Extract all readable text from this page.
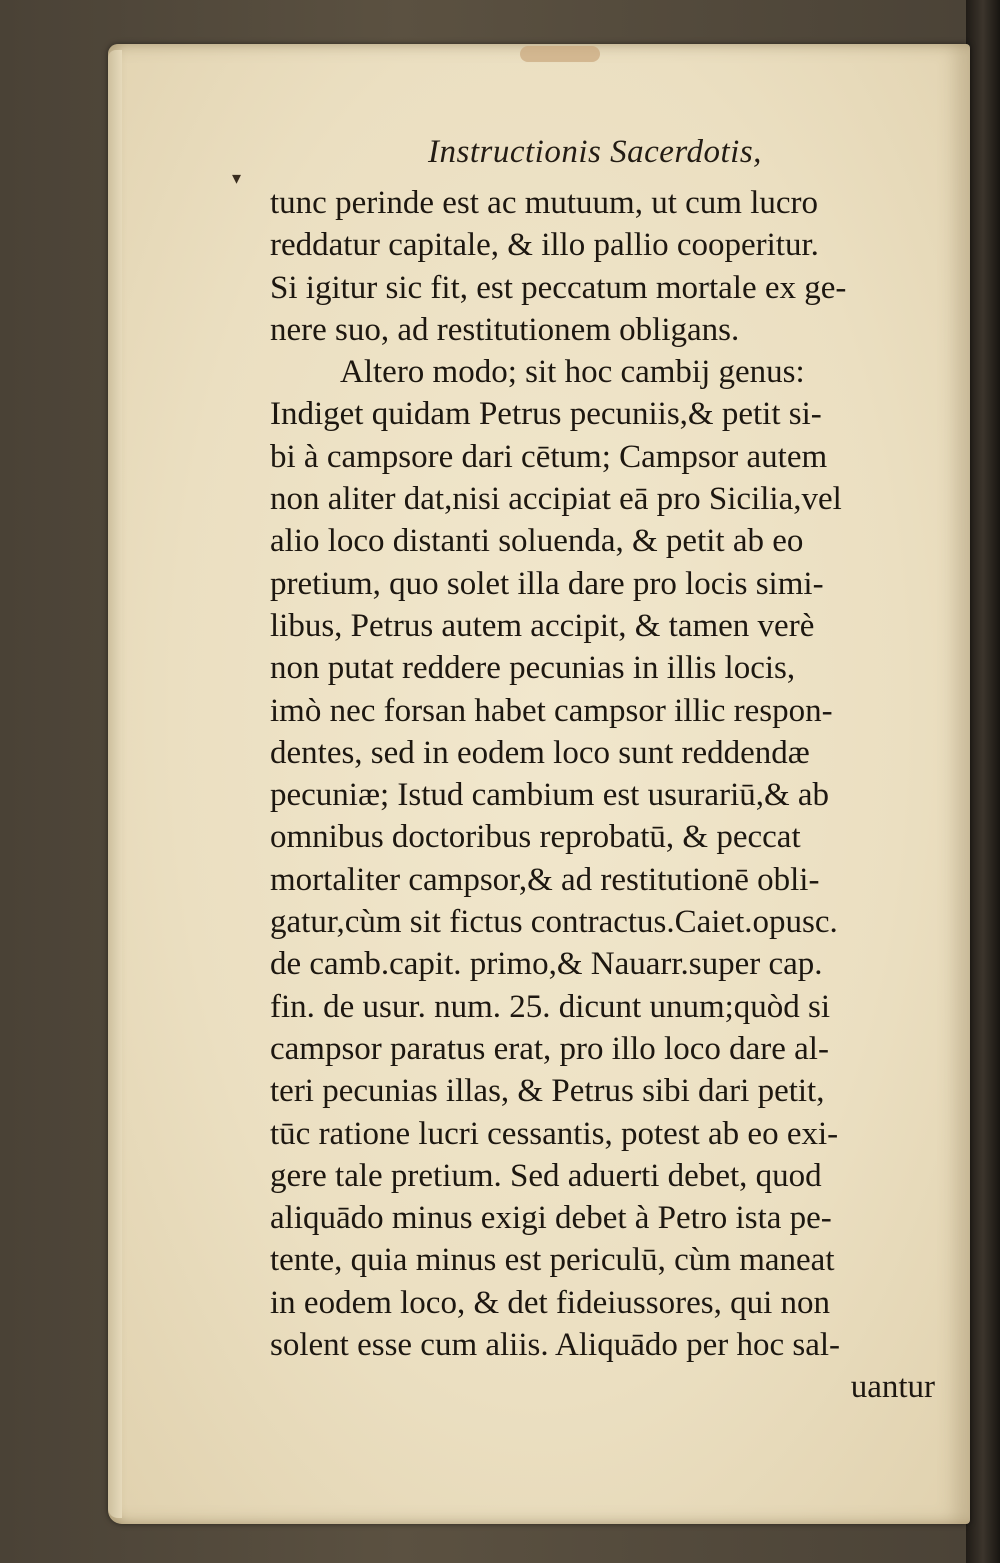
▾
Instructionis Sacerdotis,
tunc perinde est ac mutuum, ut cum lucro
reddatur capitale, & illo pallio cooperitur.
Si igitur sic fit, est peccatum mortale ex ge-
nere suo, ad restitutionem obligans.
Altero modo; sit hoc cambij genus:
Indiget quidam Petrus pecuniis,& petit si-
bi à campsore dari cētum; Campsor autem
non aliter dat,nisi accipiat eā pro Sicilia,vel
alio loco distanti soluenda, & petit ab eo
pretium, quo solet illa dare pro locis simi-
libus, Petrus autem accipit, & tamen verè
non putat reddere pecunias in illis locis,
imò nec forsan habet campsor illic respon-
dentes, sed in eodem loco sunt reddendæ
pecuniæ; Istud cambium est usurariū,& ab
omnibus doctoribus reprobatū, & peccat
mortaliter campsor,& ad restitutionē obli-
gatur,cùm sit fictus contractus.Caiet.opusc.
de camb.capit. primo,& Nauarr.super cap.
fin. de usur. num. 25. dicunt unum;quòd si
campsor paratus erat, pro illo loco dare al-
teri pecunias illas, & Petrus sibi dari petit,
tūc ratione lucri cessantis, potest ab eo exi-
gere tale pretium. Sed aduerti debet, quod
aliquādo minus exigi debet à Petro ista pe-
tente, quia minus est periculū, cùm maneat
in eodem loco, & det fideiussores, qui non
solent esse cum aliis. Aliquādo per hoc sal-
uantur
